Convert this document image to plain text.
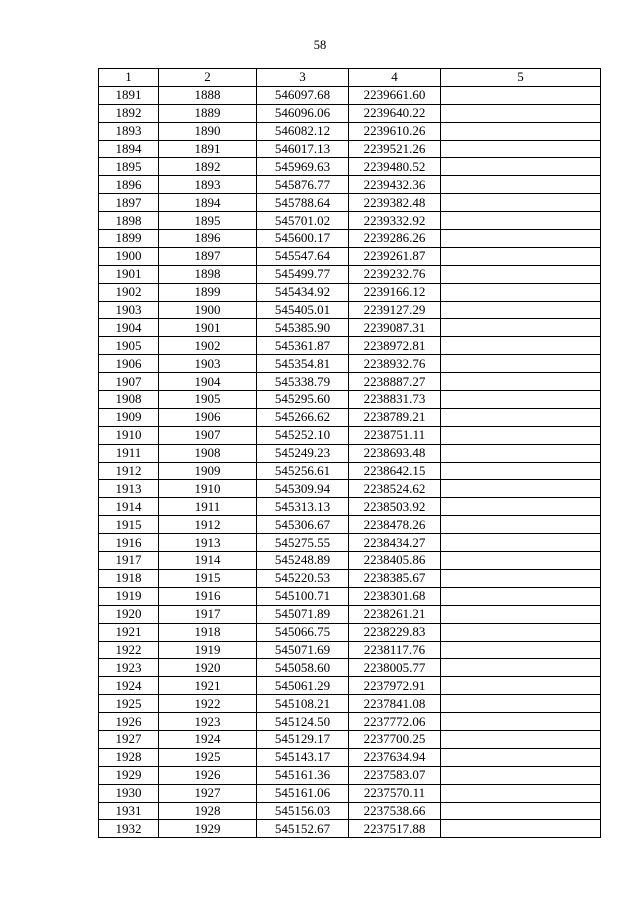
58
1	2	3	4	5
1891	1888	546097.68	2239661.60	
1892	1889	546096.06	2239640.22	
1893	1890	546082.12	2239610.26	
1894	1891	546017.13	2239521.26	
1895	1892	545969.63	2239480.52	
1896	1893	545876.77	2239432.36	
1897	1894	545788.64	2239382.48	
1898	1895	545701.02	2239332.92	
1899	1896	545600.17	2239286.26	
1900	1897	545547.64	2239261.87	
1901	1898	545499.77	2239232.76	
1902	1899	545434.92	2239166.12	
1903	1900	545405.01	2239127.29	
1904	1901	545385.90	2239087.31	
1905	1902	545361.87	2238972.81	
1906	1903	545354.81	2238932.76	
1907	1904	545338.79	2238887.27	
1908	1905	545295.60	2238831.73	
1909	1906	545266.62	2238789.21	
1910	1907	545252.10	2238751.11	
1911	1908	545249.23	2238693.48	
1912	1909	545256.61	2238642.15	
1913	1910	545309.94	2238524.62	
1914	1911	545313.13	2238503.92	
1915	1912	545306.67	2238478.26	
1916	1913	545275.55	2238434.27	
1917	1914	545248.89	2238405.86	
1918	1915	545220.53	2238385.67	
1919	1916	545100.71	2238301.68	
1920	1917	545071.89	2238261.21	
1921	1918	545066.75	2238229.83	
1922	1919	545071.69	2238117.76	
1923	1920	545058.60	2238005.77	
1924	1921	545061.29	2237972.91	
1925	1922	545108.21	2237841.08	
1926	1923	545124.50	2237772.06	
1927	1924	545129.17	2237700.25	
1928	1925	545143.17	2237634.94	
1929	1926	545161.36	2237583.07	
1930	1927	545161.06	2237570.11	
1931	1928	545156.03	2237538.66	
1932	1929	545152.67	2237517.88	
